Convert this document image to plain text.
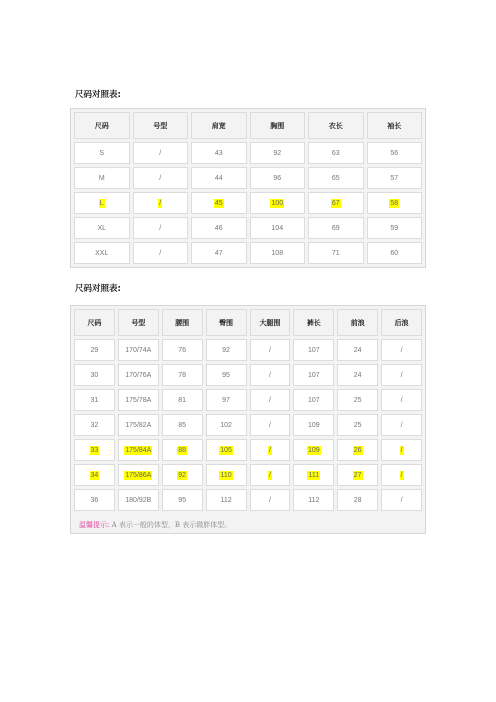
尺码对照表:
尺码	号型	肩宽	胸围	衣长	袖长
S	/	43	92	63	56
M	/	44	96	65	57
L	/	45	100	67	58
XL	/	46	104	69	59
XXL	/	47	108	71	60
尺码对照表:
尺码	号型	腰围	臀围	大腿围	裤长	前浪	后浪
29	170/74A	76	92	/	107	24	/
30	170/76A	78	95	/	107	24	/
31	175/78A	81	97	/	107	25	/
32	175/82A	85	102	/	109	25	/
33	175/84A	88	105	/	109	26	/
34	175/86A	92	110	/	111	27	/
36	180/92B	95	112	/	112	28	/
温馨提示: A 表示一般的体型，B 表示微胖体型。
